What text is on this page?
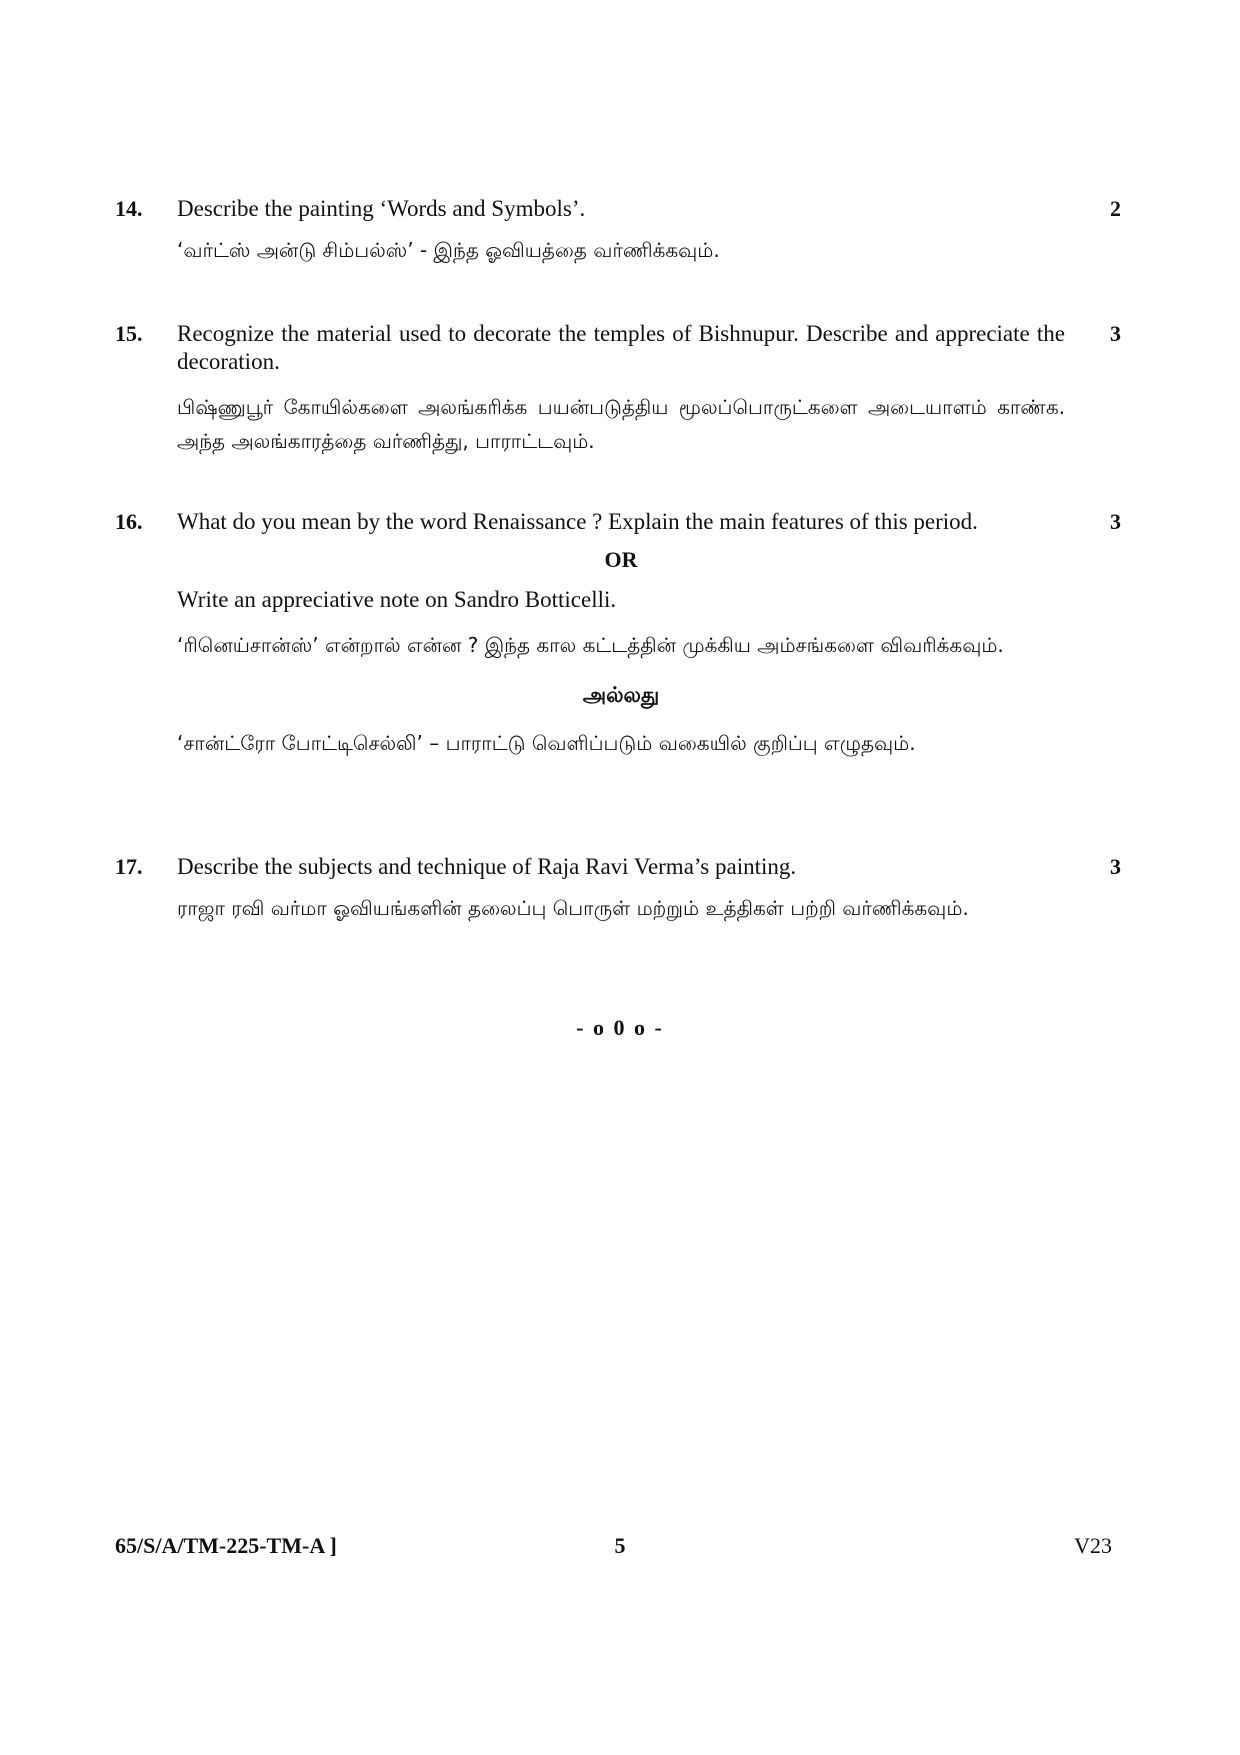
14. Describe the painting ‘Words and Symbols’.

‘வர்ட்ஸ் அன்டு சிம்பல்ஸ்’ - இந்த ஓவியத்தை வர்ணிக்கவும்.

2
15. Recognize the material used to decorate the temples of Bishnupur. Describe and appreciate the decoration.

பிஷ்ணுபூர் கோயில்களை அலங்கரிக்க பயன்படுத்திய மூலப்பொருட்களை அடையாளம் காண்க. அந்த அலங்காரத்தை வர்ணித்து, பாராட்டவும்.

3
16. What do you mean by the word Renaissance ? Explain the main features of this period.

OR

Write an appreciative note on Sandro Botticelli.

‘ரினெய்சான்ஸ்’ என்றால் என்ன ? இந்த கால கட்டத்தின் முக்கிய அம்சங்களை விவரிக்கவும்.

அல்லது

‘சான்ட்ரோ போட்டிசெல்லி’ – பாராட்டு வெளிப்படும் வகையில் குறிப்பு எழுதவும்.

3
17. Describe the subjects and technique of Raja Ravi Verma’s painting.

ராஜா ரவி வர்மா ஓவியங்களின் தலைப்பு பொருள் மற்றும் உத்திகள் பற்றி வர்ணிக்கவும்.

3
- o 0 o -
65/S/A/TM-225-TM-A ]	5	V23
